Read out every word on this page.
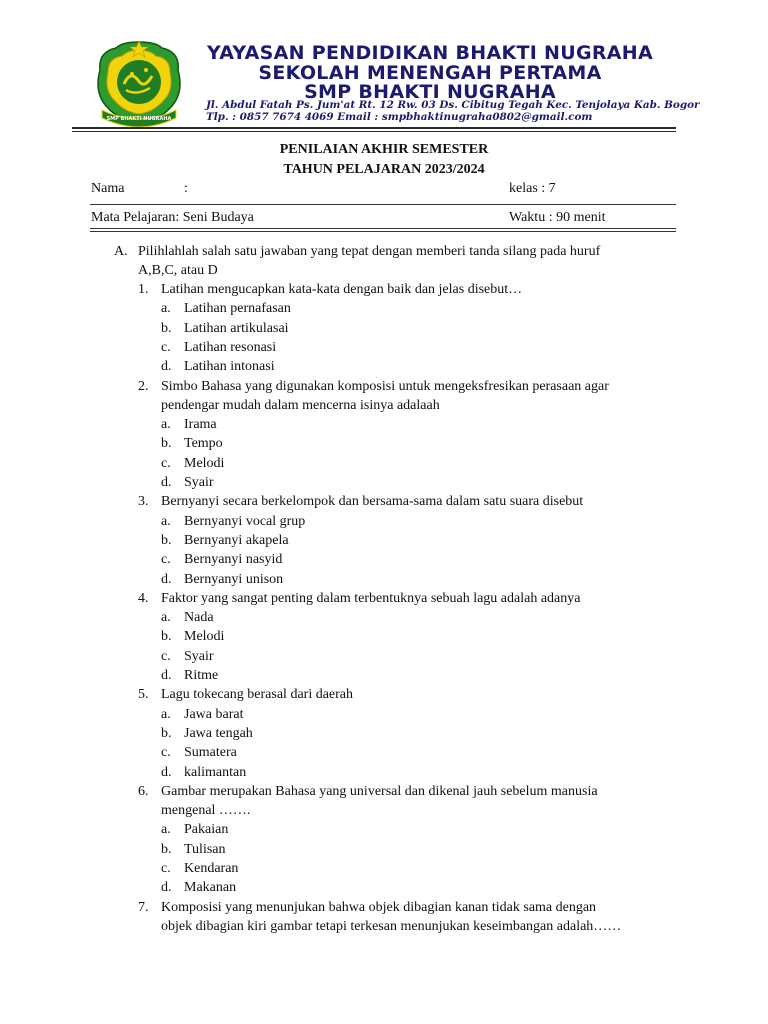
SMP BHAKTI NUGRAHA
YAYASAN PENDIDIKAN BHAKTI NUGRAHA
SEKOLAH MENENGAH PERTAMA
SMP BHAKTI NUGRAHA
Jl. Abdul Fatah Ps. Jum'at Rt. 12 Rw. 03 Ds. Cibitug Tegah Kec. Tenjolaya Kab. Bogor
Tlp. : 0857 7674 4069 Email : smpbhaktinugraha0802@gmail.com
PENILAIAN AKHIR SEMESTER
TAHUN PELAJARAN 2023/2024
Nama	:	kelas : 7
Mata Pelajaran: Seni Budaya	Waktu : 90 menit
A. Pilihlahlah salah satu jawaban yang tepat dengan memberi tanda silang pada huruf
A,B,C, atau D
1. Latihan mengucapkan kata-kata dengan baik dan jelas disebut…
a. Latihan pernafasan
b. Latihan artikulasai
c. Latihan resonasi
d. Latihan intonasi
2. Simbo Bahasa yang digunakan komposisi untuk mengeksfresikan perasaan agar
pendengar mudah dalam mencerna isinya adalaah
a. Irama
b. Tempo
c. Melodi
d. Syair
3. Bernyanyi secara berkelompok dan bersama-sama dalam satu suara disebut
a. Bernyanyi vocal grup
b. Bernyanyi akapela
c. Bernyanyi nasyid
d. Bernyanyi unison
4. Faktor yang sangat penting dalam terbentuknya sebuah lagu adalah adanya
a. Nada
b. Melodi
c. Syair
d. Ritme
5. Lagu tokecang berasal dari daerah
a. Jawa barat
b. Jawa tengah
c. Sumatera
d. kalimantan
6. Gambar merupakan Bahasa yang universal dan dikenal jauh sebelum manusia
mengenal …….
a. Pakaian
b. Tulisan
c. Kendaran
d. Makanan
7. Komposisi yang menunjukan bahwa objek dibagian kanan tidak sama dengan
objek dibagian kiri gambar tetapi terkesan menunjukan keseimbangan adalah……
